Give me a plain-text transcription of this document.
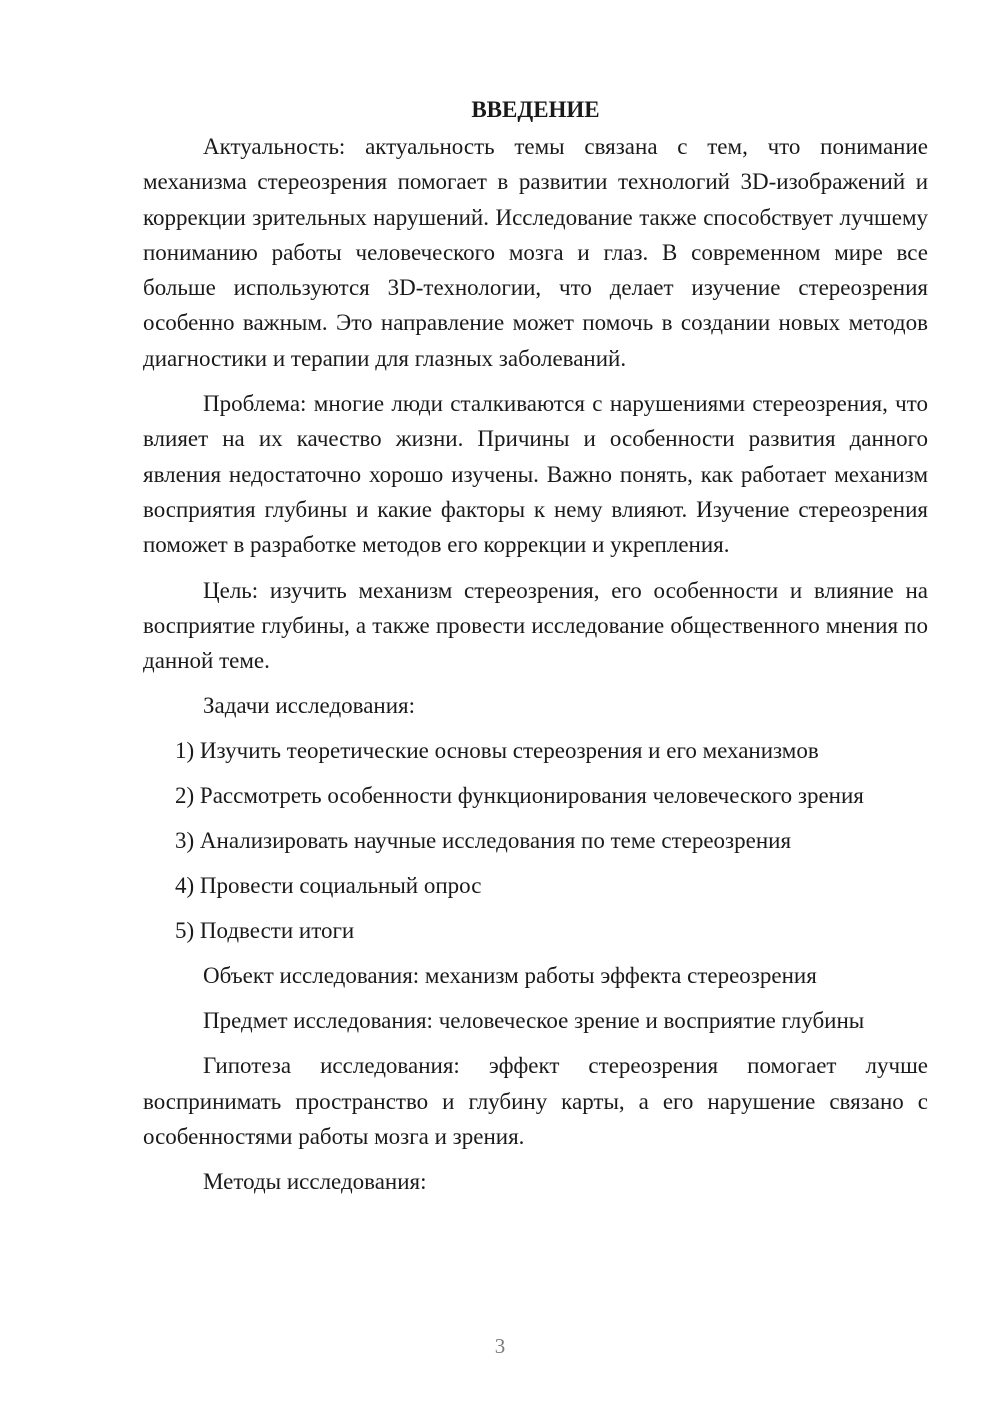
ВВЕДЕНИЕ
Актуальность: актуальность темы связана с тем, что понимание механизма стереозрения помогает в развитии технологий 3D-изображений и коррекции зрительных нарушений. Исследование также способствует лучшему пониманию работы человеческого мозга и глаз. В современном мире все больше используются 3D-технологии, что делает изучение стереозрения особенно важным. Это направление может помочь в создании новых методов диагностики и терапии для глазных заболеваний.
Проблема: многие люди сталкиваются с нарушениями стереозрения, что влияет на их качество жизни. Причины и особенности развития данного явления недостаточно хорошо изучены. Важно понять, как работает механизм восприятия глубины и какие факторы к нему влияют. Изучение стереозрения поможет в разработке методов его коррекции и укрепления.
Цель: изучить механизм стереозрения, его особенности и влияние на восприятие глубины, а также провести исследование общественного мнения по данной теме.
Задачи исследования:
1) Изучить теоретические основы стереозрения и его механизмов
2) Рассмотреть особенности функционирования человеческого зрения
3) Анализировать научные исследования по теме стереозрения
4) Провести социальный опрос
5) Подвести итоги
Объект исследования: механизм работы эффекта стереозрения
Предмет исследования: человеческое зрение и восприятие глубины
Гипотеза исследования: эффект стереозрения помогает лучше воспринимать пространство и глубину карты, а его нарушение связано с особенностями работы мозга и зрения.
Методы исследования:
3
